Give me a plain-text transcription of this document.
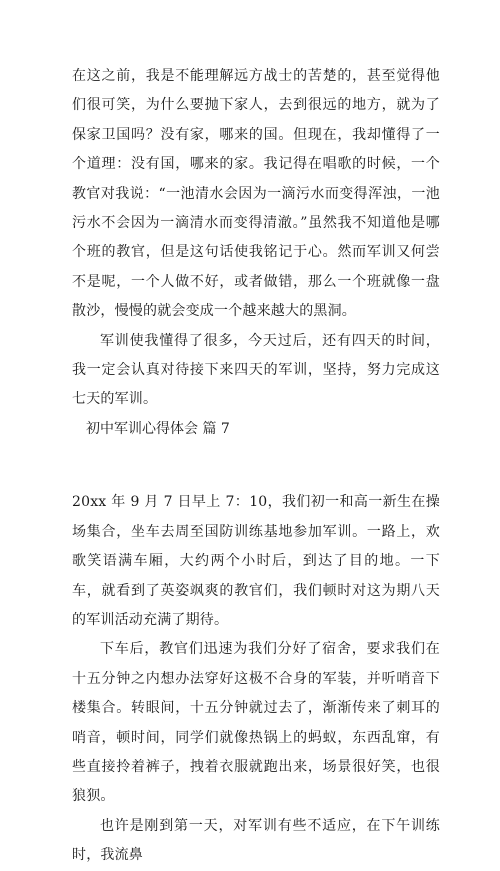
在这之前，我是不能理解远方战士的苦楚的，甚至觉得他们很可笑，为什么要抛下家人，去到很远的地方，就为了保家卫国吗？没有家，哪来的国。但现在，我却懂得了一个道理：没有国，哪来的家。我记得在唱歌的时候，一个教官对我说：“一池清水会因为一滴污水而变得浑浊，一池污水不会因为一滴清水而变得清澈。”虽然我不知道他是哪个班的教官，但是这句话使我铭记于心。然而军训又何尝不是呢，一个人做不好，或者做错，那么一个班就像一盘散沙，慢慢的就会变成一个越来越大的黑洞。

军训使我懂得了很多，今天过后，还有四天的时间，我一定会认真对待接下来四天的军训，坚持，努力完成这七天的军训。

初中军训心得体会 篇 7

20xx 年 9 月 7 日早上 7：10，我们初一和高一新生在操场集合，坐车去周至国防训练基地参加军训。一路上，欢歌笑语满车厢，大约两个小时后，到达了目的地。一下车，就看到了英姿飒爽的教官们，我们顿时对这为期八天的军训活动充满了期待。

下车后，教官们迅速为我们分好了宿舍，要求我们在十五分钟之内想办法穿好这极不合身的军装，并听哨音下楼集合。转眼间，十五分钟就过去了，渐渐传来了刺耳的哨音，顿时间，同学们就像热锅上的蚂蚁，东西乱窜，有些直接拎着裤子，拽着衣服就跑出来，场景很好笑，也很狼狈。

也许是刚到第一天，对军训有些不适应，在下午训练时，我流鼻
